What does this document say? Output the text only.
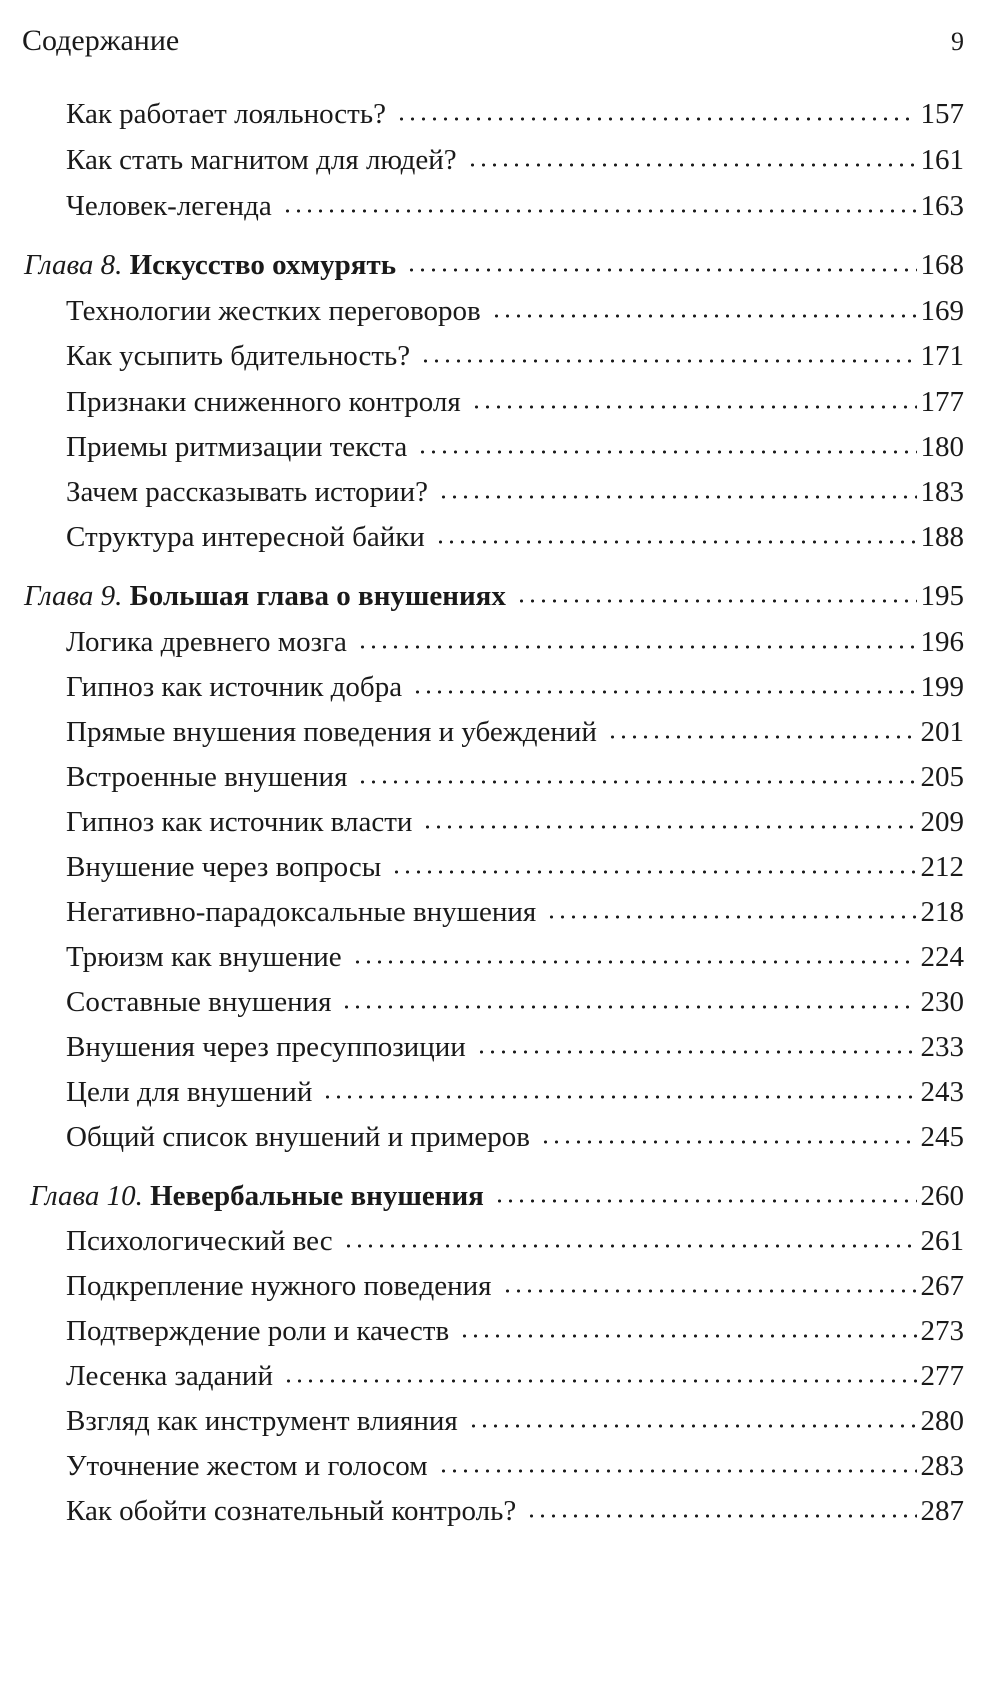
Содержание	9
Как работает лояльность?	157
Как стать магнитом для людей?	161
Человек-легенда	163
Глава 8. Искусство охмурять	168
Технологии жестких переговоров	169
Как усыпить бдительность?	171
Признаки сниженного контроля	177
Приемы ритмизации текста	180
Зачем рассказывать истории?	183
Структура интересной байки	188
Глава 9. Большая глава о внушениях	195
Логика древнего мозга	196
Гипноз как источник добра	199
Прямые внушения поведения и убеждений	201
Встроенные внушения	205
Гипноз как источник власти	209
Внушение через вопросы	212
Негативно-парадоксальные внушения	218
Трюизм как внушение	224
Составные внушения	230
Внушения через пресуппозиции	233
Цели для внушений	243
Общий список внушений и примеров	245
Глава 10. Невербальные внушения	260
Психологический вес	261
Подкрепление нужного поведения	267
Подтверждение роли и качеств	273
Лесенка заданий	277
Взгляд как инструмент влияния	280
Уточнение жестом и голосом	283
Как обойти сознательный контроль?	287
